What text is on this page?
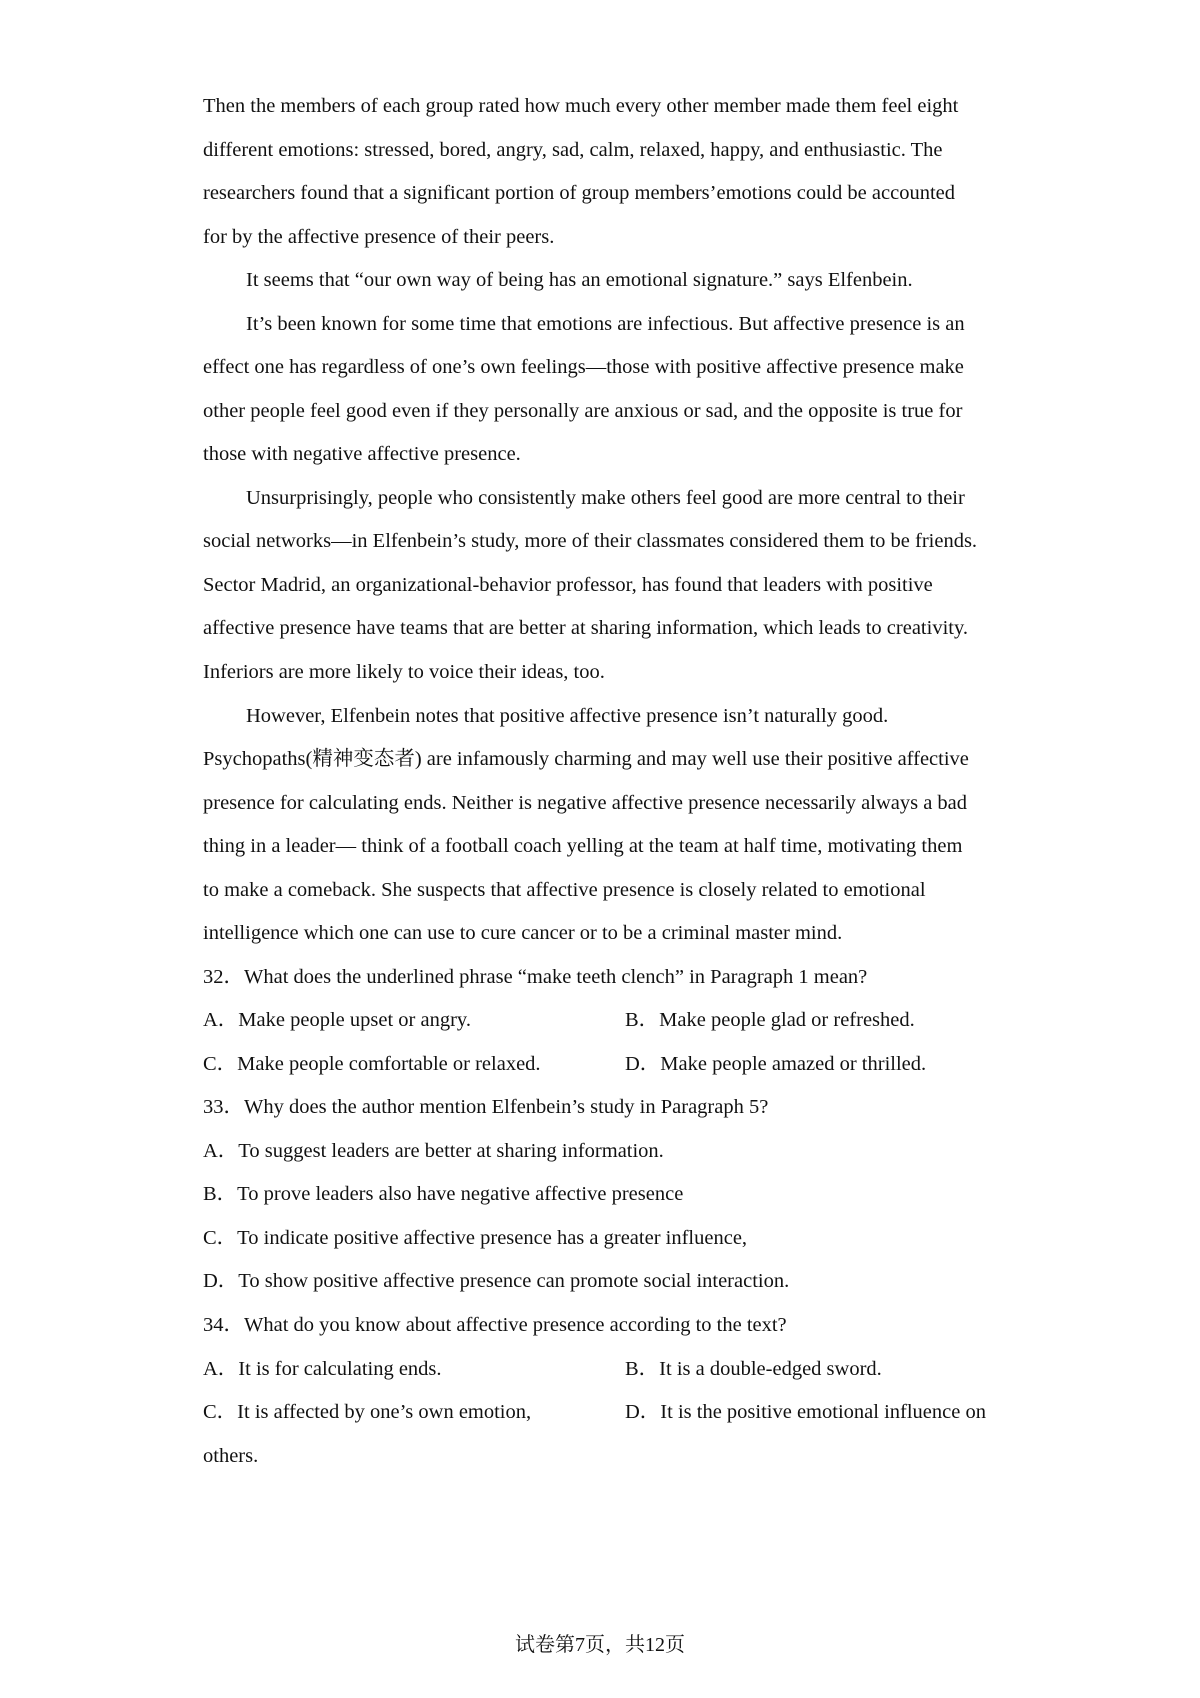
Then the members of each group rated how much every other member made them feel eight
different emotions: stressed, bored, angry, sad, calm, relaxed, happy, and enthusiastic. The
researchers found that a significant portion of group members’emotions could be accounted
for by the affective presence of their peers.
It seems that “our own way of being has an emotional signature.” says Elfenbein.
It’s been known for some time that emotions are infectious. But affective presence is an
effect one has regardless of one’s own feelings—those with positive affective presence make
other people feel good even if they personally are anxious or sad, and the opposite is true for
those with negative affective presence.
Unsurprisingly, people who consistently make others feel good are more central to their
social networks—in Elfenbein’s study, more of their classmates considered them to be friends.
Sector Madrid, an organizational-behavior professor, has found that leaders with positive
affective presence have teams that are better at sharing information, which leads to creativity.
Inferiors are more likely to voice their ideas, too.
However, Elfenbein notes that positive affective presence isn’t naturally good.
Psychopaths(精神变态者) are infamously charming and may well use their positive affective
presence for calculating ends. Neither is negative affective presence necessarily always a bad
thing in a leader— think of a football coach yelling at the team at half time, motivating them
to make a comeback. She suspects that affective presence is closely related to emotional
intelligence which one can use to cure cancer or to be a criminal master mind.
32．What does the underlined phrase “make teeth clench” in Paragraph 1 mean?
A．Make people upset or angry.	B．Make people glad or refreshed.
C．Make people comfortable or relaxed.	D．Make people amazed or thrilled.
33．Why does the author mention Elfenbein’s study in Paragraph 5?
A．To suggest leaders are better at sharing information.
B．To prove leaders also have negative affective presence
C．To indicate positive affective presence has a greater influence,
D．To show positive affective presence can promote social interaction.
34．What do you know about affective presence according to the text?
A．It is for calculating ends.	B．It is a double-edged sword.
C．It is affected by one’s own emotion,	D．It is the positive emotional influence on
others.
试卷第7页，共12页
